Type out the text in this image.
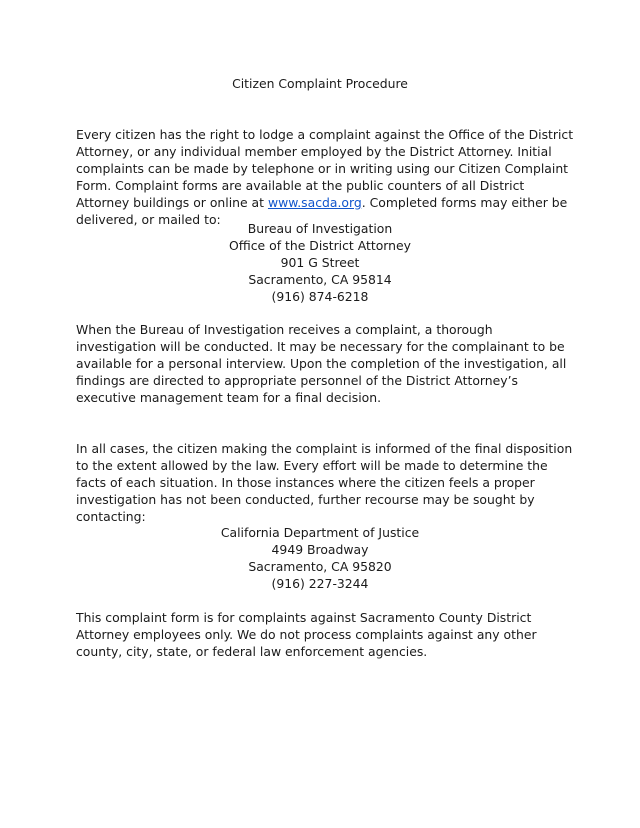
Citizen Complaint Procedure

Every citizen has the right to lodge a complaint against the Office of the District Attorney, or any individual member employed by the District Attorney. Initial complaints can be made by telephone or in writing using our Citizen Complaint Form. Complaint forms are available at the public counters of all District Attorney buildings or online at www.sacda.org. Completed forms may either be delivered, or mailed to:

Bureau of Investigation
Office of the District Attorney
901 G Street
Sacramento, CA 95814
(916) 874-6218

When the Bureau of Investigation receives a complaint, a thorough investigation will be conducted. It may be necessary for the complainant to be available for a personal interview. Upon the completion of the investigation, all findings are directed to appropriate personnel of the District Attorney’s executive management team for a final decision.

In all cases, the citizen making the complaint is informed of the final disposition to the extent allowed by the law. Every effort will be made to determine the facts of each situation. In those instances where the citizen feels a proper investigation has not been conducted, further recourse may be sought by contacting:

California Department of Justice
4949 Broadway
Sacramento, CA 95820
(916) 227-3244

This complaint form is for complaints against Sacramento County District Attorney employees only. We do not process complaints against any other county, city, state, or federal law enforcement agencies.
